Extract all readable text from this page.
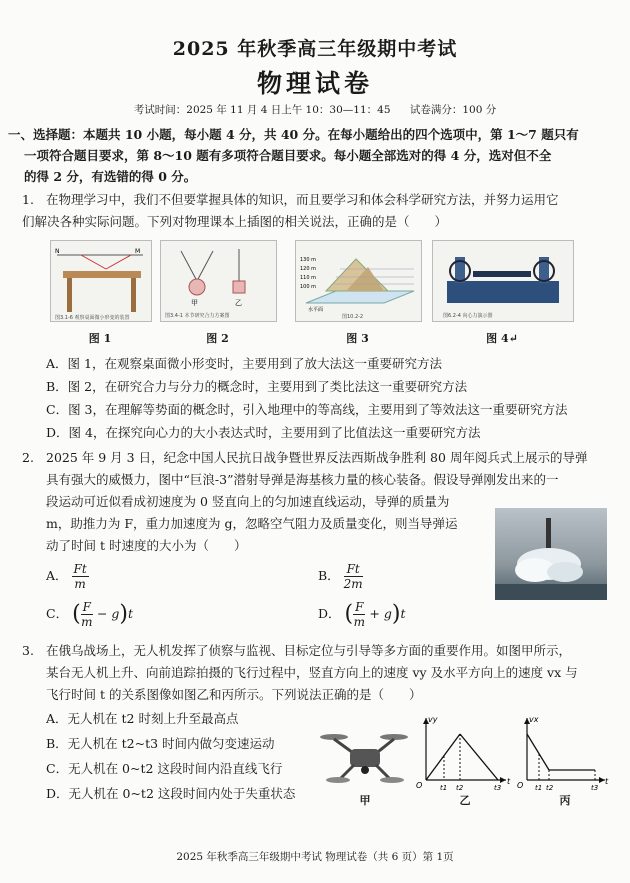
2025 年秋季高三年级期中考试
物理试卷
考试时间：2025 年 11 月 4 日上午 10：30—11：45 试卷满分：100 分
一、选择题：本题共 10 小题，每小题 4 分，共 40 分。在每小题给出的四个选项中，第 1～7 题只有
一项符合题目要求，第 8～10 题有多项符合题目要求。每小题全部选对的得 4 分，选对但不全
的得 2 分，有选错的得 0 分。
1. 在物理学习中，我们不但要掌握具体的知识，而且要学习和体会科学研究方法，并努力运用它
们解决各种实际问题。下列对物理课本上插图的相关说法，正确的是（　　）
N	M
图3.1-6 观察桌面微小形变的装置
甲	乙
图3.4-1 本节研究合力方案图
130 m
120 m
110 m
100 m
水平面
图10.2-2	图6.2-4 向心力演示器
图 1	图 2	图 3	图 4↵
A．图 1，在观察桌面微小形变时，主要用到了放大法这一重要研究方法
B．图 2，在研究合力与分力的概念时，主要用到了类比法这一重要研究方法
C．图 3，在理解等势面的概念时，引入地理中的等高线，主要用到了等效法这一重要研究方法
D．图 4，在探究向心力的大小表达式时，主要用到了比值法这一重要研究方法
2. 2025 年 9 月 3 日，纪念中国人民抗日战争暨世界反法西斯战争胜利 80 周年阅兵式上展示的导弹
具有强大的威慑力，图中“巨浪-3”潜射导弹是海基核力量的核心装备。假设导弹刚发出来的一
段运动可近似看成初速度为 0 竖直向上的匀加速直线运动，导弹的质量为
m，助推力为 F，重力加速度为 g，忽略空气阻力及质量变化，则当导弹运
动了时间 t 时速度的大小为（　　）
A． $\frac{Ft}{m}$	B． $\frac{Ft}{2m}$
C． ( $\frac{F}{m} - g)t$	D． ( $\frac{F}{m} + g)t$
3. 在俄乌战场上，无人机发挥了侦察与监视、目标定位与引导等多方面的重要作用。如图甲所示，
某台无人机上升、向前追踪拍摄的飞行过程中，竖直方向上的速度 vy 及水平方向上的速度 vx 与
飞行时间 t 的关系图像如图乙和丙所示。下列说法正确的是（　　）
A．无人机在 t2 时刻上升至最高点
B．无人机在 t2~t3 时间内做匀变速运动
C．无人机在 0~t2 这段时间内沿直线飞行
D．无人机在 0~t2 这段时间内处于失重状态
vy
O	t1 t2	t3
t
vx
O t1 t2	t3
t
甲	乙	丙
2025 年秋季高三年级期中考试 物理试卷（共 6 页）第 1页
